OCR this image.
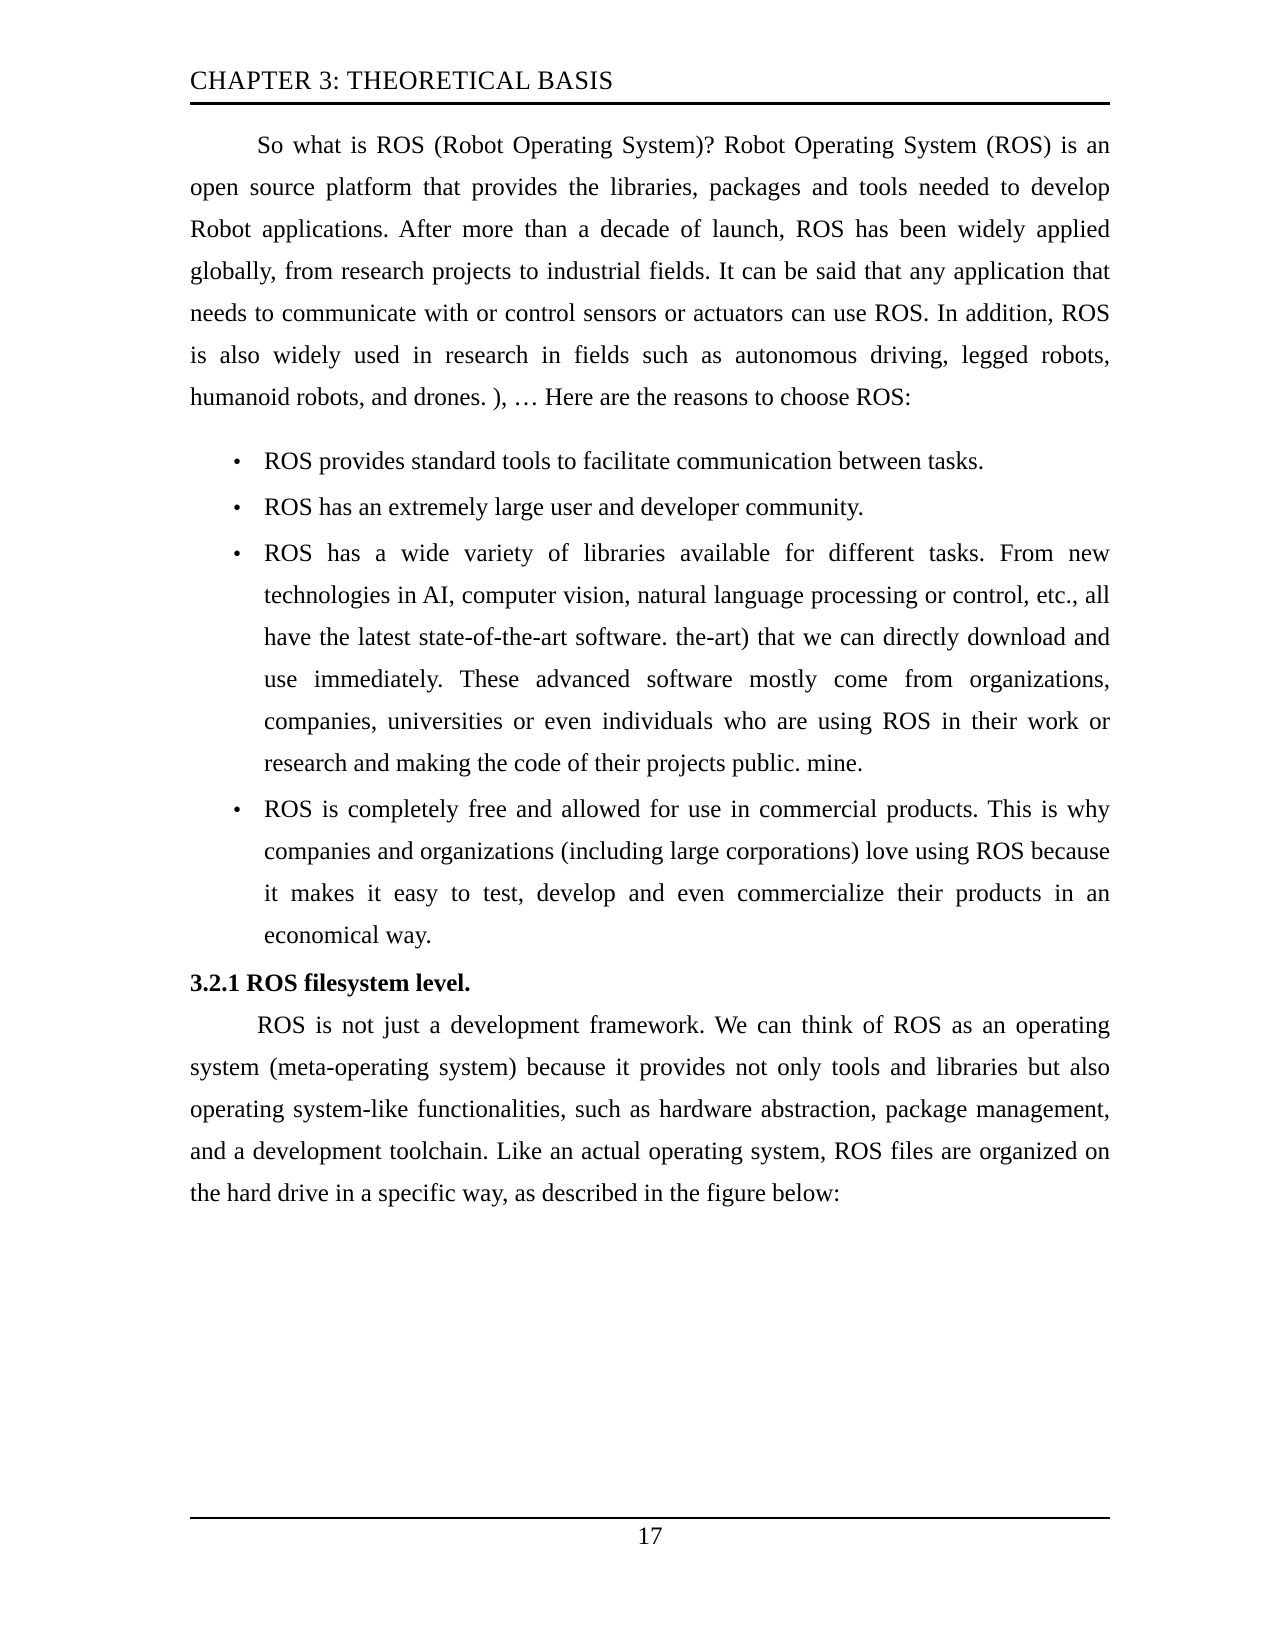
CHAPTER 3: THEORETICAL BASIS

So what is ROS (Robot Operating System)? Robot Operating System (ROS) is an open source platform that provides the libraries, packages and tools needed to develop Robot applications. After more than a decade of launch, ROS has been widely applied globally, from research projects to industrial fields. It can be said that any application that needs to communicate with or control sensors or actuators can use ROS. In addition, ROS is also widely used in research in fields such as autonomous driving, legged robots, humanoid robots, and drones. ), … Here are the reasons to choose ROS:

• ROS provides standard tools to facilitate communication between tasks.
• ROS has an extremely large user and developer community.
• ROS has a wide variety of libraries available for different tasks. From new technologies in AI, computer vision, natural language processing or control, etc., all have the latest state-of-the-art software. the-art) that we can directly download and use immediately. These advanced software mostly come from organizations, companies, universities or even individuals who are using ROS in their work or research and making the code of their projects public. mine.
• ROS is completely free and allowed for use in commercial products. This is why companies and organizations (including large corporations) love using ROS because it makes it easy to test, develop and even commercialize their products in an economical way.
3.2.1 ROS filesystem level.

ROS is not just a development framework. We can think of ROS as an operating system (meta-operating system) because it provides not only tools and libraries but also operating system-like functionalities, such as hardware abstraction, package management, and a development toolchain. Like an actual operating system, ROS files are organized on the hard drive in a specific way, as described in the figure below:

17
